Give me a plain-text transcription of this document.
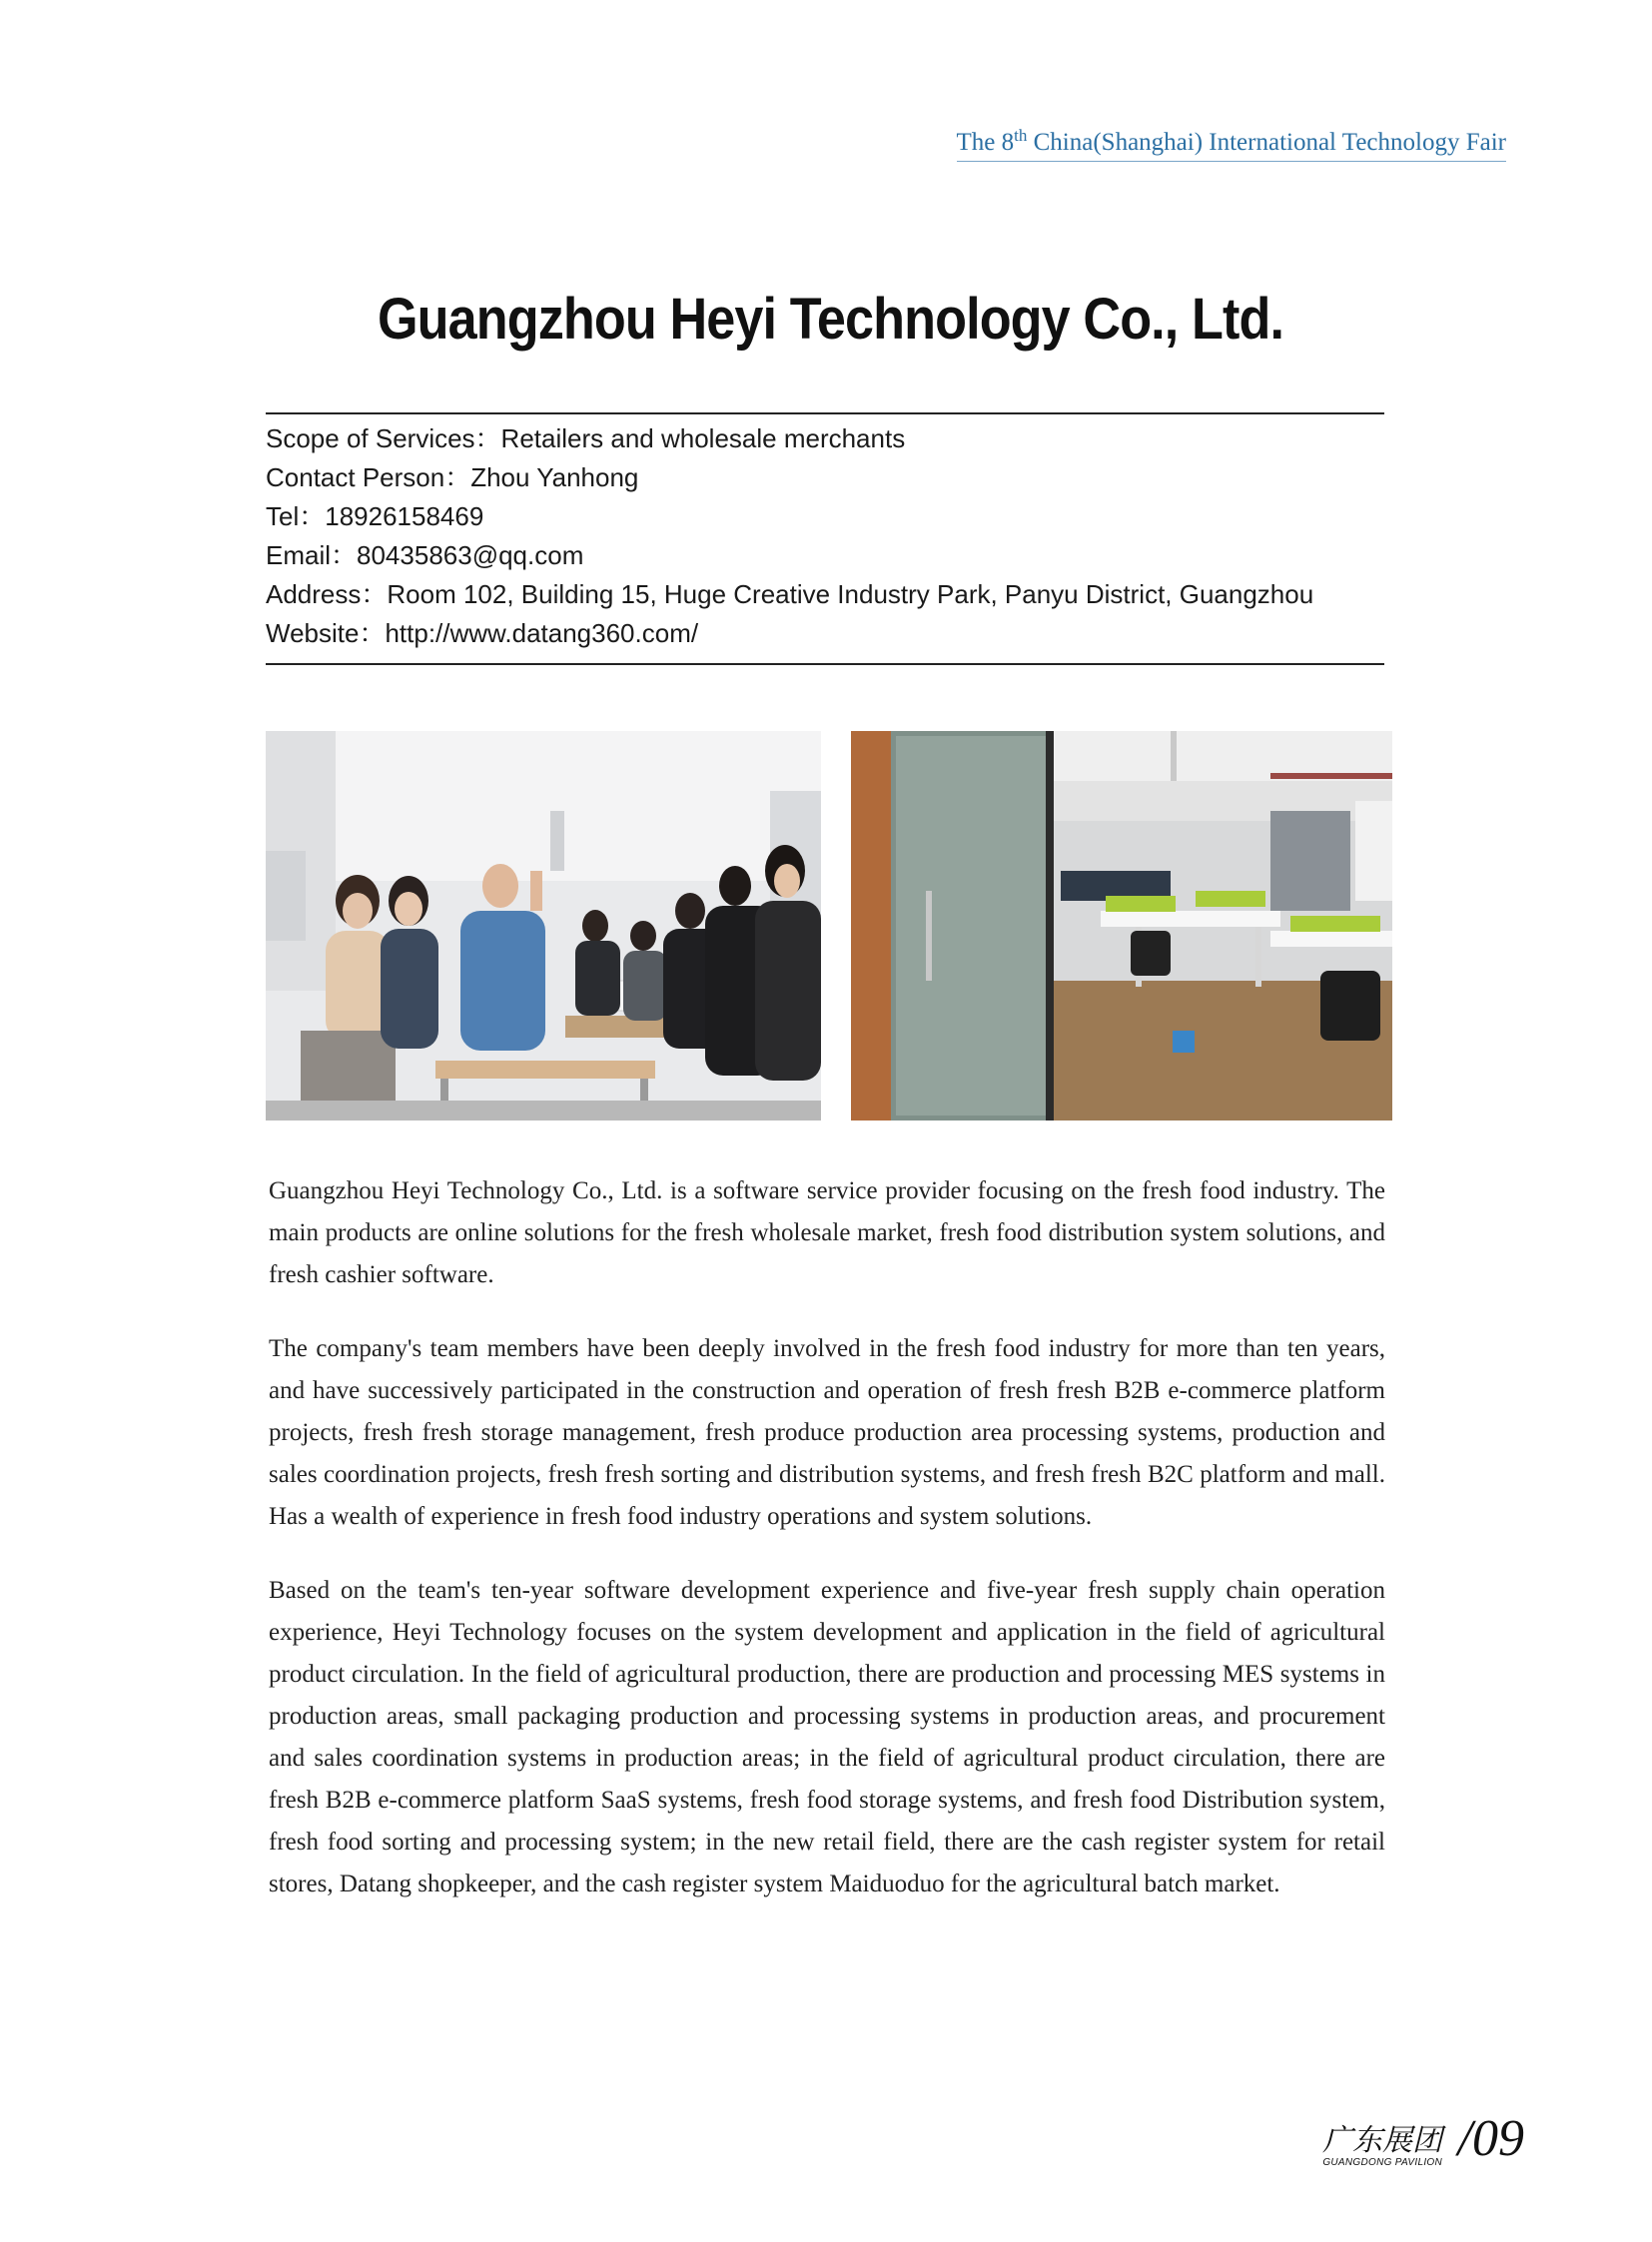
The 8th China(Shanghai) International Technology Fair
Guangzhou Heyi Technology Co., Ltd.
Scope of Services：Retailers and wholesale merchants
Contact Person：Zhou Yanhong
Tel：18926158469
Email：80435863@qq.com
Address：Room 102, Building 15, Huge Creative Industry Park, Panyu District, Guangzhou
Website：http://www.datang360.com/

Guangzhou Heyi Technology Co., Ltd. is a software service provider focusing on the fresh food industry. The main products are online solutions for the fresh wholesale market, fresh food distribution system solutions, and fresh cashier software.

The company's team members have been deeply involved in the fresh food industry for more than ten years, and have successively participated in the construction and operation of fresh fresh B2B e-commerce platform projects, fresh fresh storage management, fresh produce production area processing systems, production and sales coordination projects, fresh fresh sorting and distribution systems, and fresh fresh B2C platform and mall. Has a wealth of experience in fresh food industry operations and system solutions.

Based on the team's ten-year software development experience and five-year fresh supply chain operation experience, Heyi Technology focuses on the system development and application in the field of agricultural product circulation. In the field of agricultural production, there are production and processing MES systems in production areas, small packaging production and processing systems in production areas, and procurement and sales coordination systems in production areas; in the field of agricultural product circulation, there are fresh B2B e-commerce platform SaaS systems, fresh food storage systems, and fresh food Distribution system, fresh food sorting and processing system; in the new retail field, there are the cash register system for retail stores, Datang shopkeeper, and the cash register system Maiduoduo for the agricultural batch market.

广东展团
GUANGDONG PAVILION /09
